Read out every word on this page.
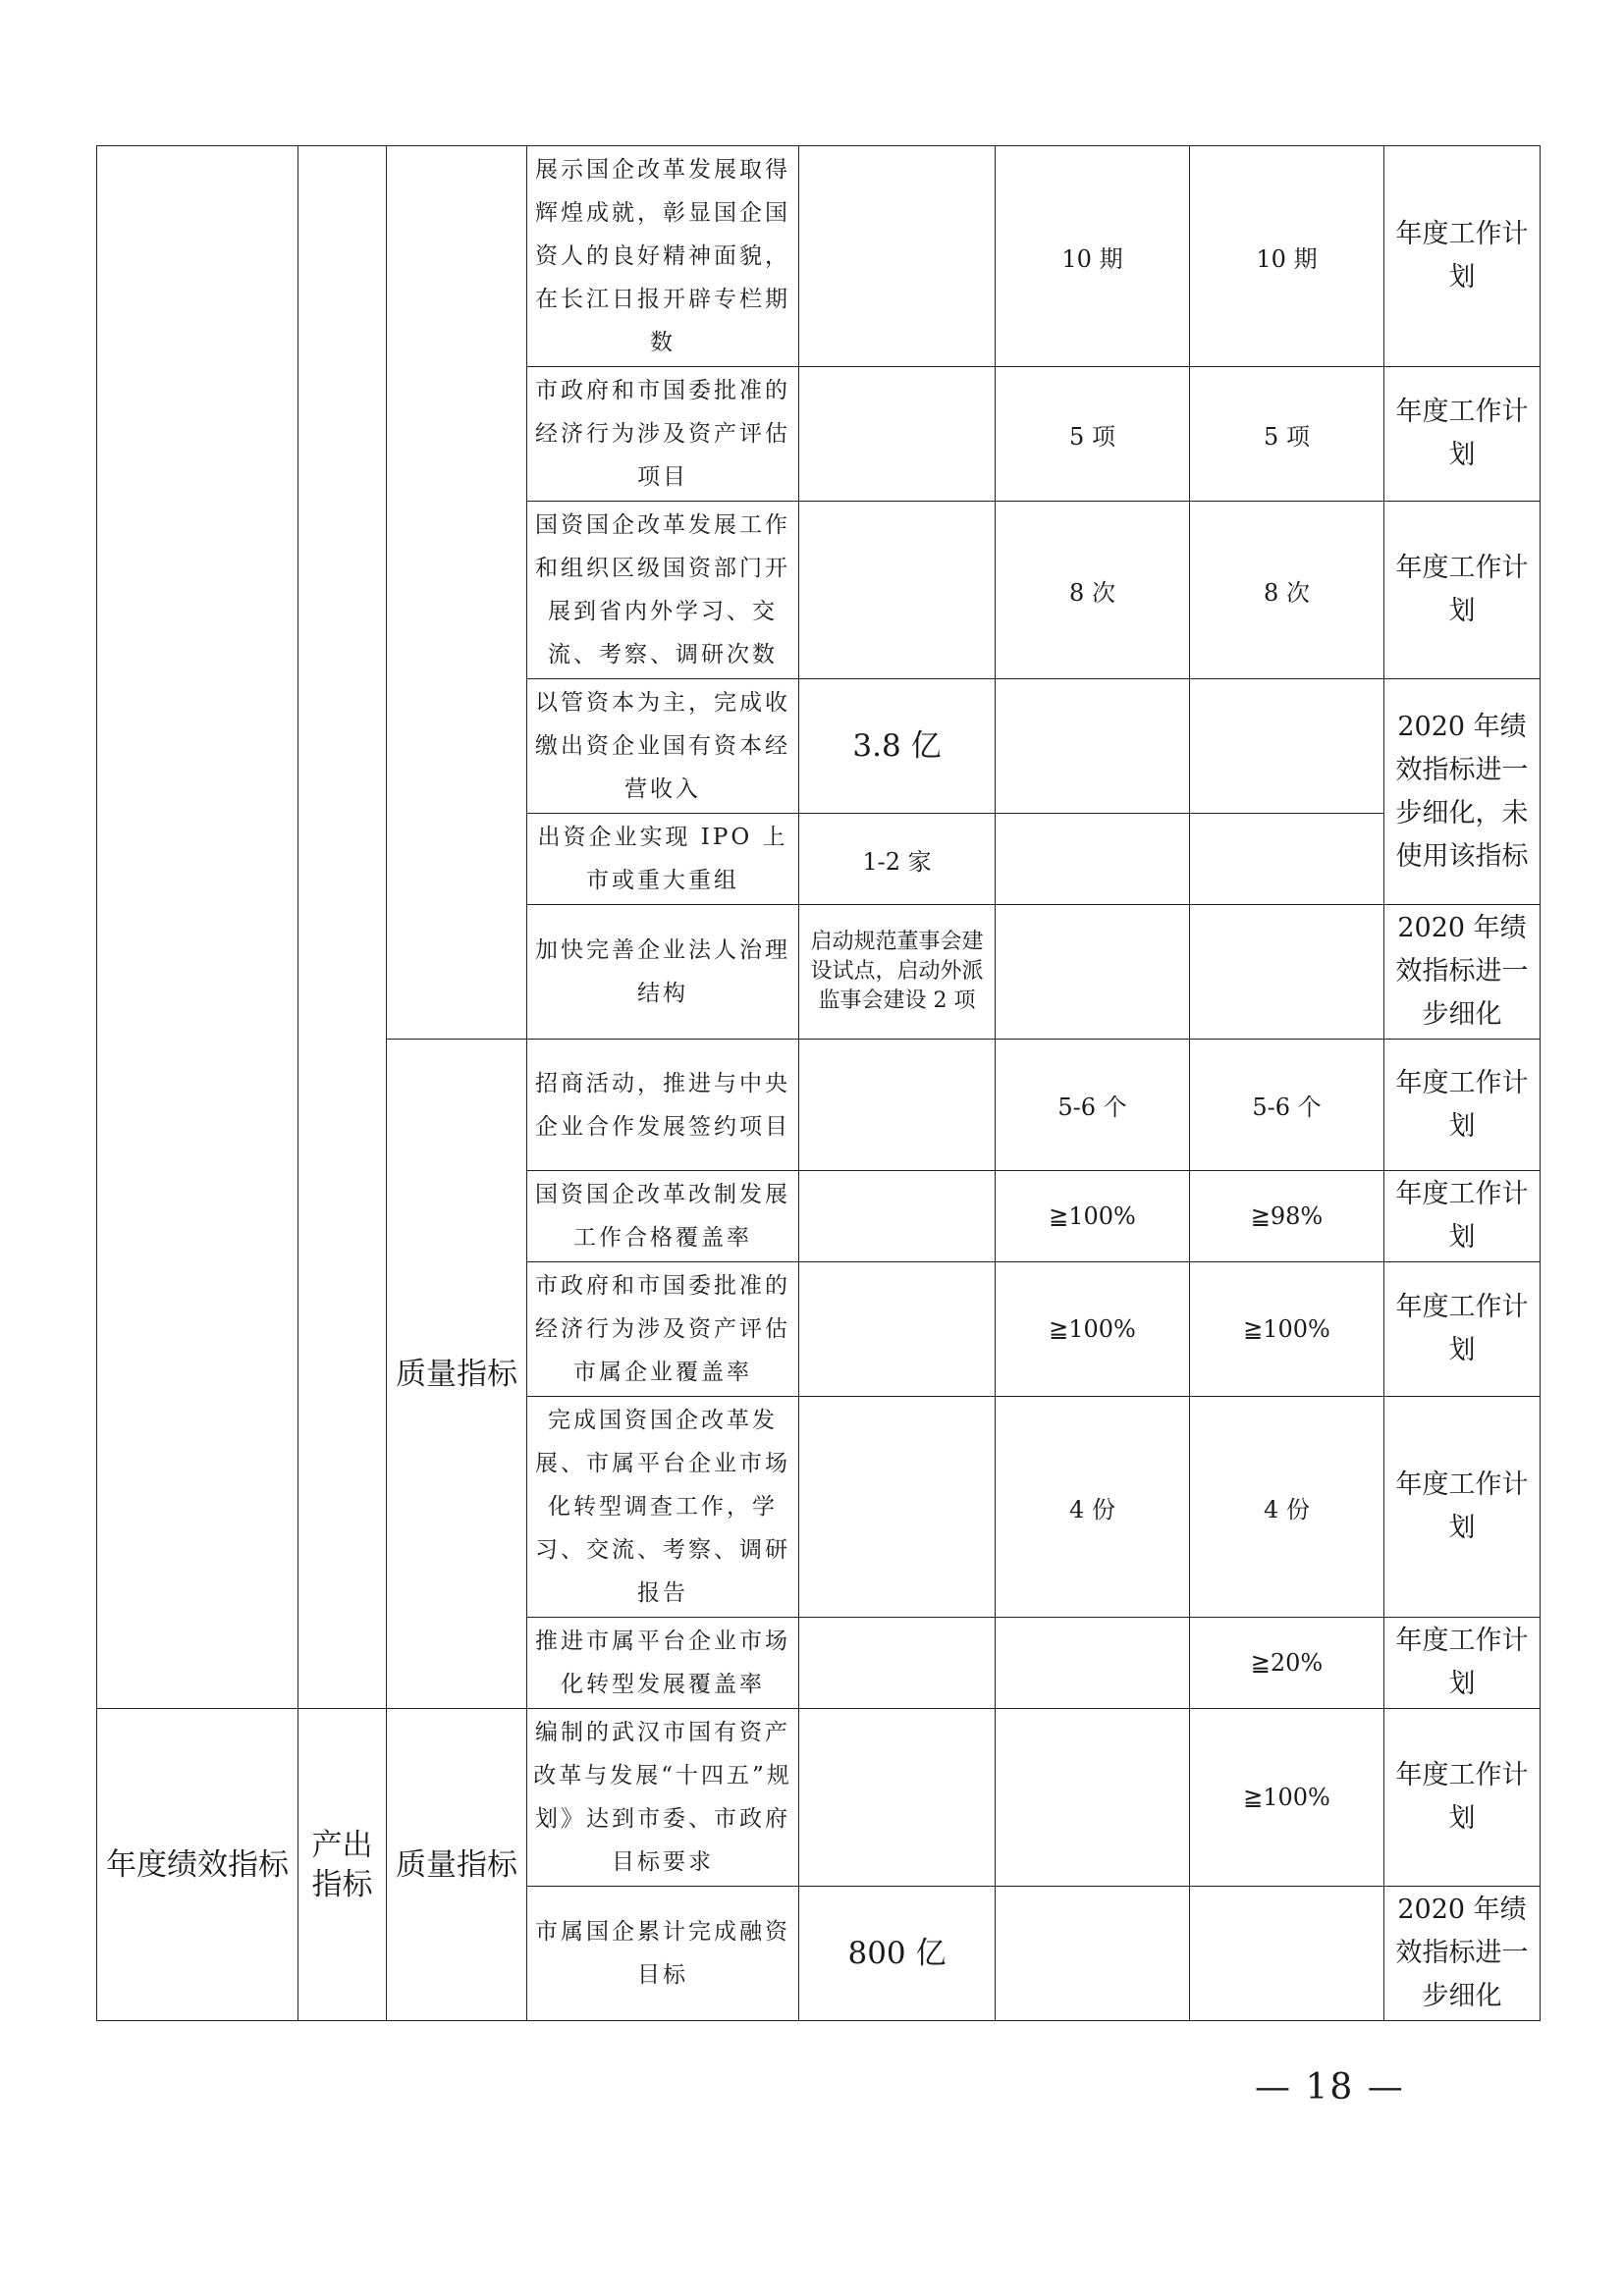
			展示国企改革发展取得辉煌成就，彰显国企国资人的良好精神面貌，在长江日报开辟专栏期数		10 期	10 期	年度工作计划
			市政府和市国委批准的经济行为涉及资产评估项目		5 项	5 项	年度工作计划
			国资国企改革发展工作和组织区级国资部门开展到省内外学习、交流、考察、调研次数		8 次	8 次	年度工作计划
			以管资本为主，完成收缴出资企业国有资本经营收入	3.8 亿			2020 年绩效指标进一步细化，未使用该指标
			出资企业实现 IPO 上市或重大重组	1-2 家			
			加快完善企业法人治理结构	启动规范董事会建设试点，启动外派监事会建设 2 项			2020 年绩效指标进一步细化
		质量指标	招商活动，推进与中央企业合作发展签约项目		5-6 个	5-6 个	年度工作计划
			国资国企改革改制发展工作合格覆盖率		≧100%	≧98%	年度工作计划
			市政府和市国委批准的经济行为涉及资产评估市属企业覆盖率		≧100%	≧100%	年度工作计划
			完成国资国企改革发展、市属平台企业市场化转型调查工作，学习、交流、考察、调研报告		4 份	4 份	年度工作计划
			推进市属平台企业市场化转型发展覆盖率			≧20%	年度工作计划
年度绩效指标	产出指标	质量指标	编制的武汉市国有资产改革与发展“十四五”规划》达到市委、市政府目标要求			≧100%	年度工作计划
			市属国企累计完成融资目标	800 亿			2020 年绩效指标进一步细化
— 18 —
